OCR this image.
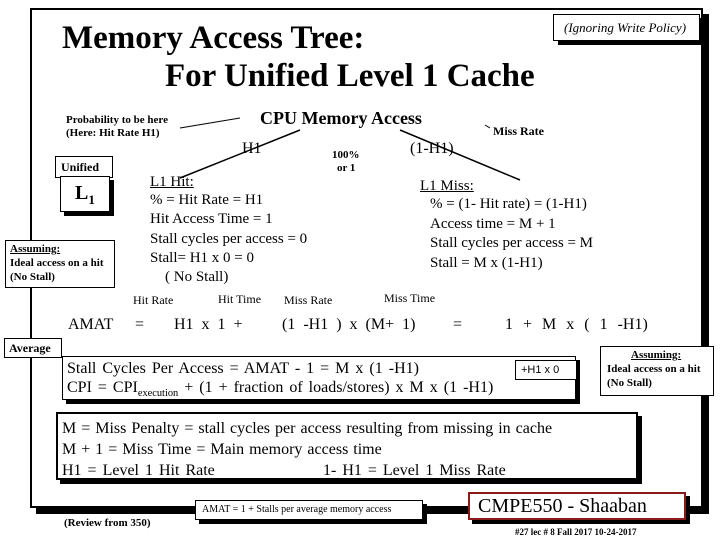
Memory Access Tree:
For Unified Level 1 Cache
(Ignoring Write Policy)
CPU Memory Access
Probability to be here
(Here: Hit Rate H1)
H1	(1-H1)
Miss Rate
100%
or 1
Unified
$L_1$
Assuming:
Ideal access on a hit
(No Stall)
L1 Hit:
% = Hit Rate = H1
Hit Access Time = 1
Stall cycles per access = 0
Stall= H1 x 0 = 0
( No Stall)
L1 Miss:
% = (1- Hit rate) = (1-H1)
Access time = M + 1
Stall cycles per access = M
Stall = M x (1-H1)
Hit Rate	Hit Time Miss Rate	Miss Time
AMAT = H1 x 1 + (1 -H1 ) x (M+ 1) =	1 + M x ( 1 -H1)
Average
Stall Cycles Per Access = AMAT - 1 = M x (1 -H1)
CPI = $CPI_{execution} + (1$ + fraction of loads/stores) x M x (1 -H1)
+H1 x 0
Assuming:
Ideal access on a hit
(No Stall)
M = Miss Penalty = stall cycles per access resulting from missing in cache
M + 1 = Miss Time = Main memory access time
H1 = Level 1 Hit Rate	1- H1 = Level 1 Miss Rate
(Review from 350)
AMAT = 1 + Stalls per average memory access	CMPE550 - Shaaban
#27 lec # 8 Fall 2017 10-24-2017
